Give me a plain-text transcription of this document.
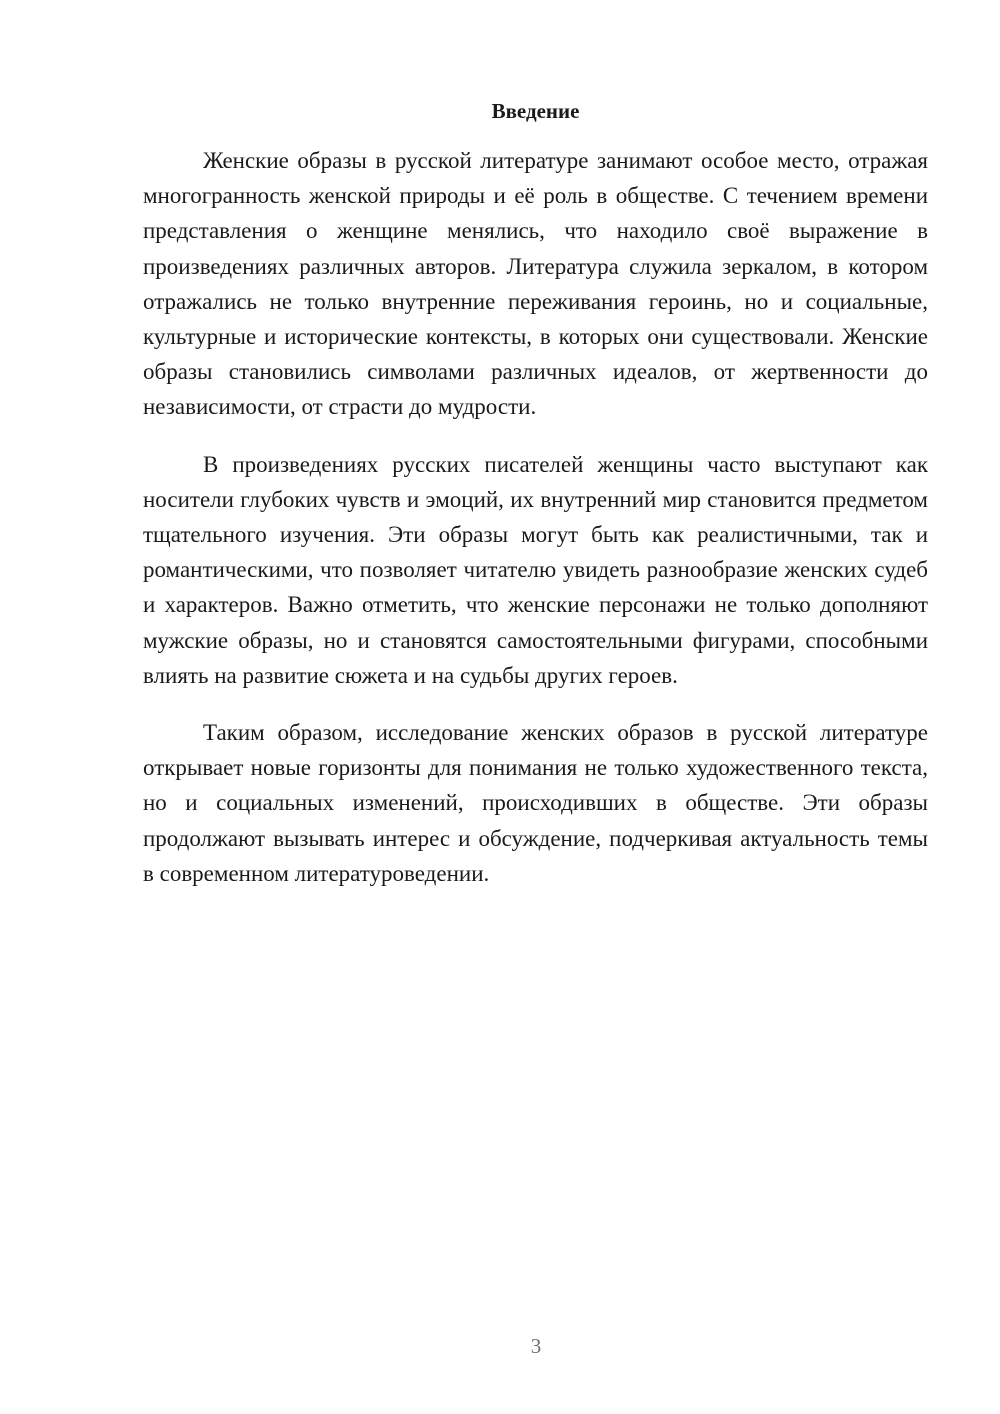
Введение

Женские образы в русской литературе занимают особое место, отражая многогранность женской природы и её роль в обществе. С течением времени представления о женщине менялись, что находило своё выражение в произведениях различных авторов. Литература служила зеркалом, в котором отражались не только внутренние переживания героинь, но и социальные, культурные и исторические контексты, в которых они существовали. Женские образы становились символами различных идеалов, от жертвенности до независимости, от страсти до мудрости.

В произведениях русских писателей женщины часто выступают как носители глубоких чувств и эмоций, их внутренний мир становится предметом тщательного изучения. Эти образы могут быть как реалистичными, так и романтическими, что позволяет читателю увидеть разнообразие женских судеб и характеров. Важно отметить, что женские персонажи не только дополняют мужские образы, но и становятся самостоятельными фигурами, способными влиять на развитие сюжета и на судьбы других героев.

Таким образом, исследование женских образов в русской литературе открывает новые горизонты для понимания не только художественного текста, но и социальных изменений, происходивших в обществе. Эти образы продолжают вызывать интерес и обсуждение, подчеркивая актуальность темы в современном литературоведении.

3
